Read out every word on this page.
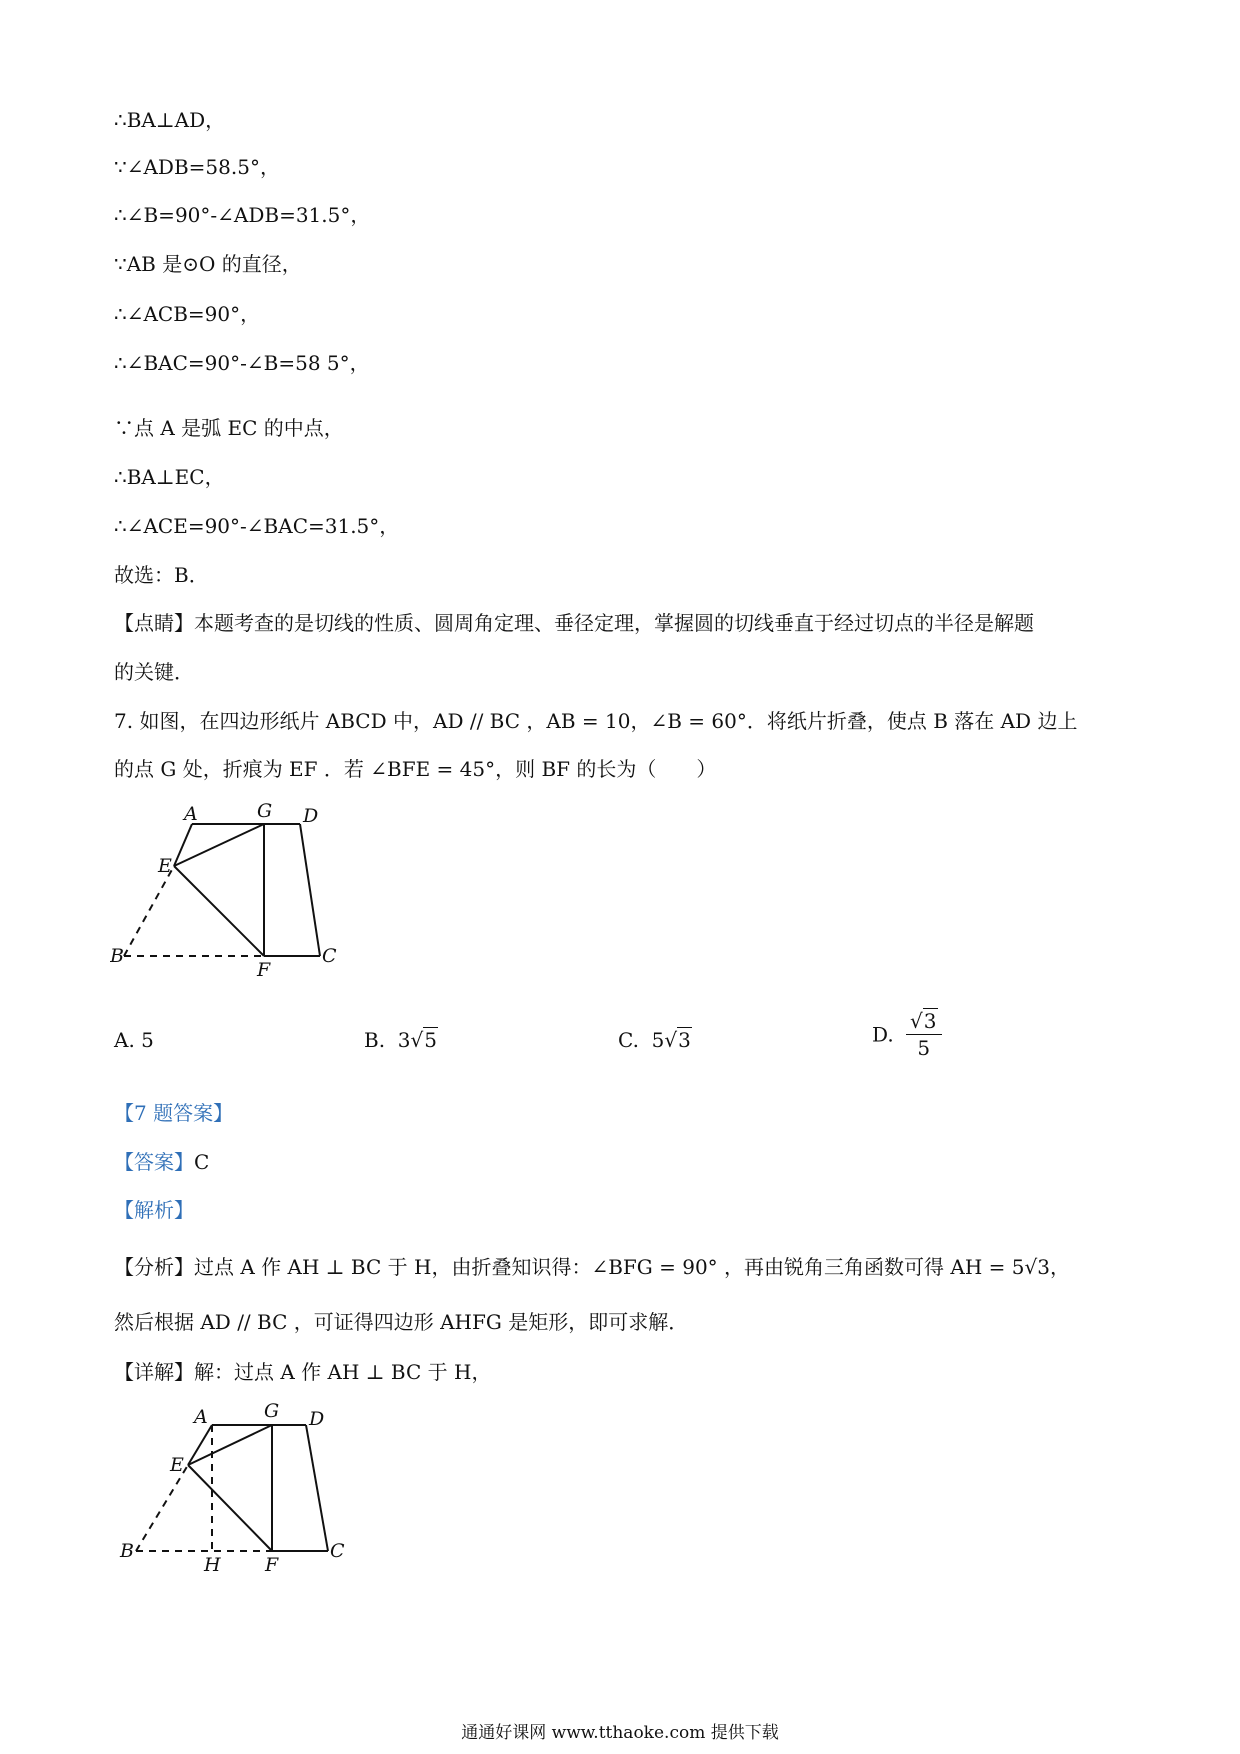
∴BA⊥AD，
∵∠ADB=58.5°，
∴∠B=90°-∠ADB=31.5°，
∵AB 是⊙O 的直径，
∴∠ACB=90°，
∴∠BAC=90°-∠B=58 5°，
∵点 A 是弧 EC 的中点，
∴BA⊥EC，
∴∠ACE=90°-∠BAC=31.5°，
故选：B．
【点睛】本题考查的是切线的性质、圆周角定理、垂径定理，掌握圆的切线垂直于经过切点的半径是解题
的关键．
7. 如图，在四边形纸片 ABCD 中，AD // BC ，AB = 10，∠B = 60°．将纸片折叠，使点 B 落在 AD 边上
的点 G 处，折痕为 EF ．若 ∠BFE = 45°，则 BF 的长为（　　）
A	G D
E
B
F
C
A. 5	B. 3√5	C. 5√3	D. $\frac{√3}{5}$
【7 题答案】
【答案】C
【解析】
【分析】过点 A 作 AH ⊥ BC 于 H，由折叠知识得：∠BFG = 90° ，再由锐角三角函数可得 AH = 5√3，
然后根据 AD // BC ，可证得四边形 AHFG 是矩形，即可求解．
【详解】解：过点 A 作 AH ⊥ BC 于 H，
A	G D
E
B
H F
C
通通好课网 www.tthaoke.com 提供下载
